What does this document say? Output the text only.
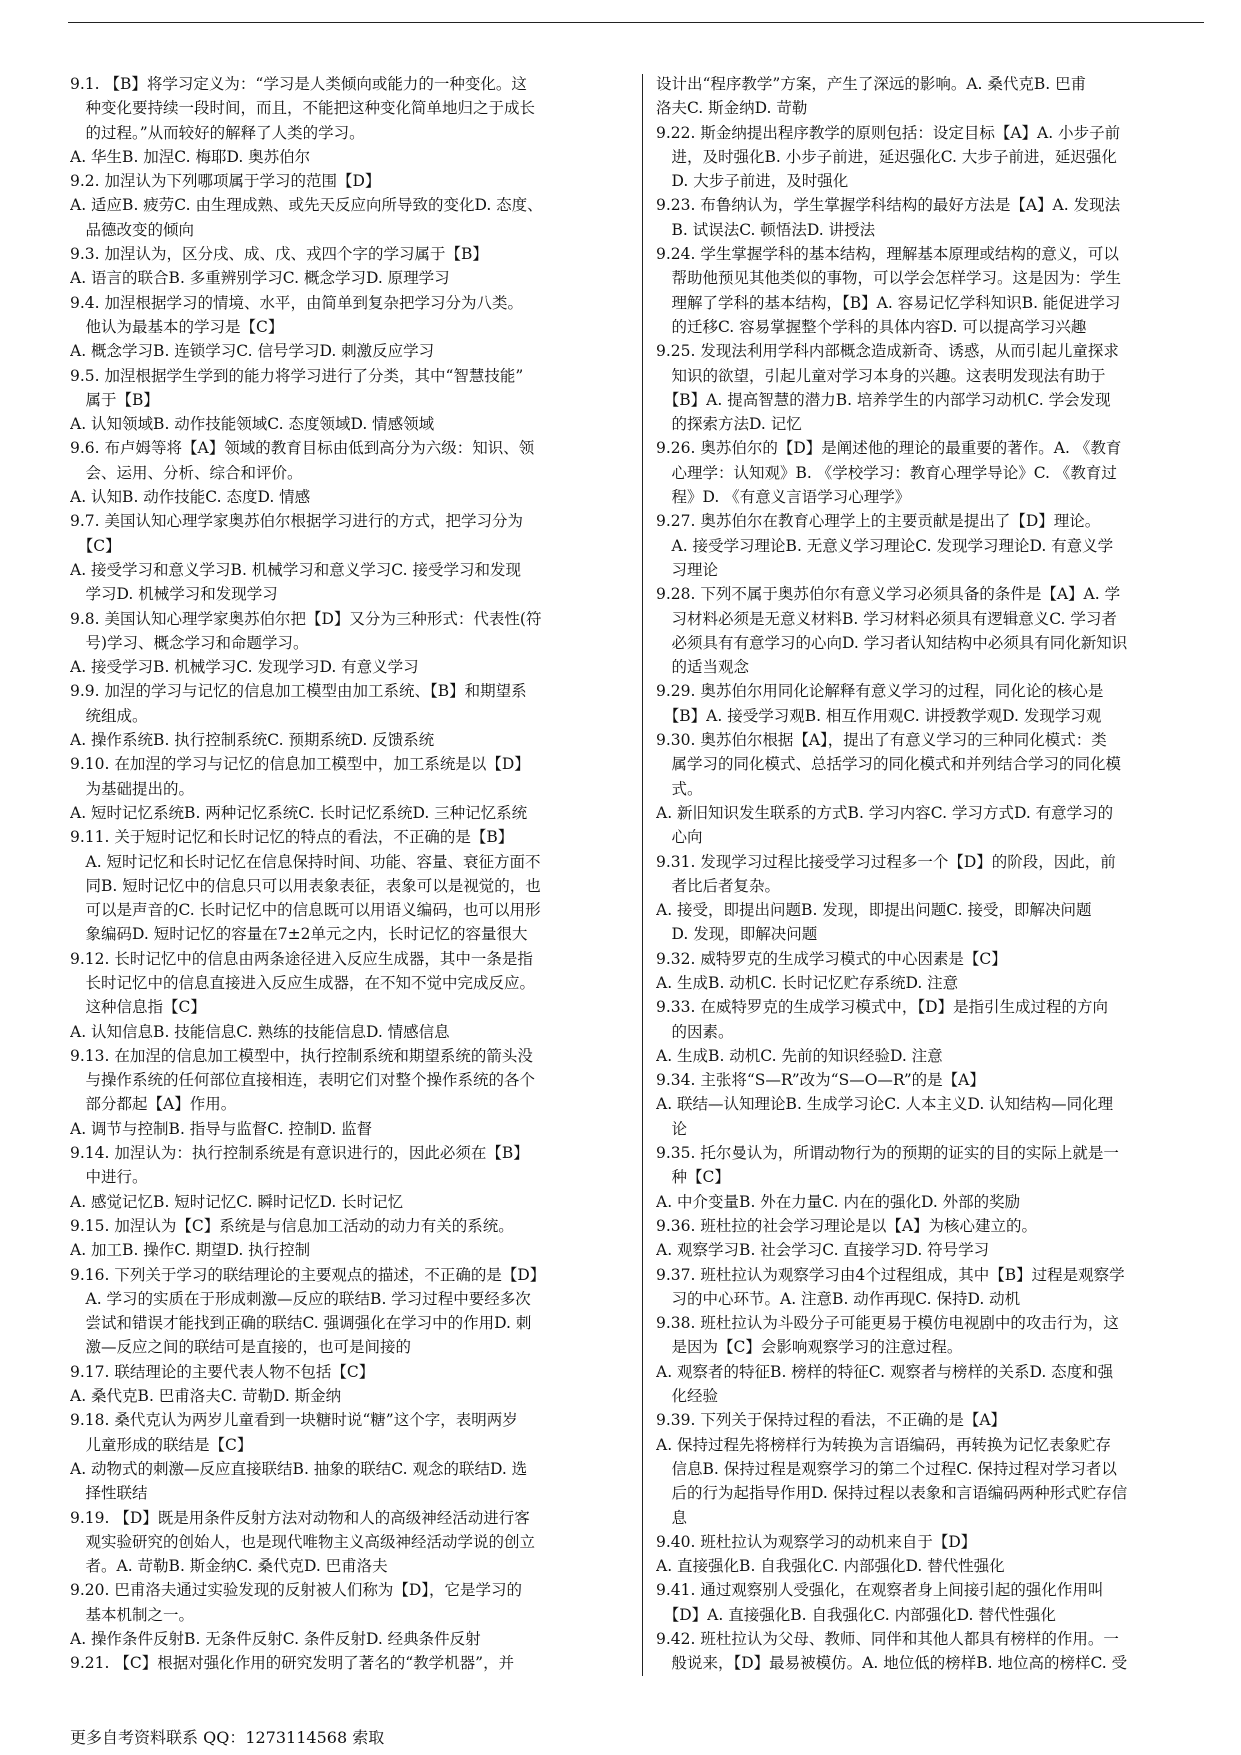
9.1. 【B】将学习定义为：“学习是人类倾向或能力的一种变化。这
　种变化要持续一段时间，而且，不能把这种变化简单地归之于成长
　的过程。”从而较好的解释了人类的学习。
A. 华生B. 加涅C. 梅耶D. 奥苏伯尔
9.2. 加涅认为下列哪项属于学习的范围【D】
A. 适应B. 疲劳C. 由生理成熟、或先天反应向所导致的变化D. 态度、
　品德改变的倾向
9.3. 加涅认为，区分戌、成、戊、戎四个字的学习属于【B】
A. 语言的联合B. 多重辨别学习C. 概念学习D. 原理学习
9.4. 加涅根据学习的情境、水平，由简单到复杂把学习分为八类。
　他认为最基本的学习是【C】
A. 概念学习B. 连锁学习C. 信号学习D. 刺激反应学习
9.5. 加涅根据学生学到的能力将学习进行了分类，其中“智慧技能”
　属于【B】
A. 认知领域B. 动作技能领域C. 态度领域D. 情感领域
9.6. 布卢姆等将【A】领域的教育目标由低到高分为六级：知识、领
　会、运用、分析、综合和评价。
A. 认知B. 动作技能C. 态度D. 情感
9.7. 美国认知心理学家奥苏伯尔根据学习进行的方式，把学习分为
　【C】
A. 接受学习和意义学习B. 机械学习和意义学习C. 接受学习和发现
　学习D. 机械学习和发现学习
9.8. 美国认知心理学家奥苏伯尔把【D】又分为三种形式：代表性(符
　号)学习、概念学习和命题学习。
A. 接受学习B. 机械学习C. 发现学习D. 有意义学习
9.9. 加涅的学习与记忆的信息加工模型由加工系统、【B】和期望系
　统组成。
A. 操作系统B. 执行控制系统C. 预期系统D. 反馈系统
9.10. 在加涅的学习与记忆的信息加工模型中，加工系统是以【D】
　为基础提出的。
A. 短时记忆系统B. 两种记忆系统C. 长时记忆系统D. 三种记忆系统
9.11. 关于短时记忆和长时记忆的特点的看法，不正确的是【B】
　A. 短时记忆和长时记忆在信息保持时间、功能、容量、衰征方面不
　同B. 短时记忆中的信息只可以用表象表征，表象可以是视觉的，也
　可以是声音的C. 长时记忆中的信息既可以用语义编码，也可以用形
　象编码D. 短时记忆的容量在7±2单元之内，长时记忆的容量很大
9.12. 长时记忆中的信息由两条途径进入反应生成器，其中一条是指
　长时记忆中的信息直接进入反应生成器，在不知不觉中完成反应。
　这种信息指【C】
A. 认知信息B. 技能信息C. 熟练的技能信息D. 情感信息
9.13. 在加涅的信息加工模型中，执行控制系统和期望系统的箭头没
　与操作系统的任何部位直接相连，表明它们对整个操作系统的各个
　部分都起【A】作用。
A. 调节与控制B. 指导与监督C. 控制D. 监督
9.14. 加涅认为：执行控制系统是有意识进行的，因此必须在【B】
　中进行。
A. 感觉记忆B. 短时记忆C. 瞬时记忆D. 长时记忆
9.15. 加涅认为【C】系统是与信息加工活动的动力有关的系统。
A. 加工B. 操作C. 期望D. 执行控制
9.16. 下列关于学习的联结理论的主要观点的描述，不正确的是【D】
　A. 学习的实质在于形成刺激—反应的联结B. 学习过程中要经多次
　尝试和错误才能找到正确的联结C. 强调强化在学习中的作用D. 刺
　激—反应之间的联结可是直接的，也可是间接的
9.17. 联结理论的主要代表人物不包括【C】
A. 桑代克B. 巴甫洛夫C. 苛勒D. 斯金纳
9.18. 桑代克认为两岁儿童看到一块糖时说“糖”这个字，表明两岁
　儿童形成的联结是【C】
A. 动物式的刺激—反应直接联结B. 抽象的联结C. 观念的联结D. 选
　择性联结
9.19. 【D】既是用条件反射方法对动物和人的高级神经活动进行客
　观实验研究的创始人，也是现代唯物主义高级神经活动学说的创立
　者。A. 苛勒B. 斯金纳C. 桑代克D. 巴甫洛夫
9.20. 巴甫洛夫通过实验发现的反射被人们称为【D】，它是学习的
　基本机制之一。
A. 操作条件反射B. 无条件反射C. 条件反射D. 经典条件反射
9.21. 【C】根据对强化作用的研究发明了著名的“教学机器”，并
设计出“程序教学”方案，产生了深远的影响。A. 桑代克B. 巴甫
洛夫C. 斯金纳D. 苛勒
9.22. 斯金纳提出程序教学的原则包括：设定目标【A】A. 小步子前
　进，及时强化B. 小步子前进，延迟强化C. 大步子前进，延迟强化
　D. 大步子前进，及时强化
9.23. 布鲁纳认为，学生掌握学科结构的最好方法是【A】A. 发现法
　B. 试误法C. 顿悟法D. 讲授法
9.24. 学生掌握学科的基本结构，理解基本原理或结构的意义，可以
　帮助他预见其他类似的事物，可以学会怎样学习。这是因为：学生
　理解了学科的基本结构，【B】A. 容易记忆学科知识B. 能促进学习
　的迁移C. 容易掌握整个学科的具体内容D. 可以提高学习兴趣
9.25. 发现法利用学科内部概念造成新奇、诱惑，从而引起儿童探求
　知识的欲望，引起儿童对学习本身的兴趣。这表明发现法有助于
　【B】A. 提高智慧的潜力B. 培养学生的内部学习动机C. 学会发现
　的探索方法D. 记忆
9.26. 奥苏伯尔的【D】是阐述他的理论的最重要的著作。A. 《教育
　心理学：认知观》B. 《学校学习：教育心理学导论》C. 《教育过
　程》D. 《有意义言语学习心理学》
9.27. 奥苏伯尔在教育心理学上的主要贡献是提出了【D】理论。
　A. 接受学习理论B. 无意义学习理论C. 发现学习理论D. 有意义学
　习理论
9.28. 下列不属于奥苏伯尔有意义学习必须具备的条件是【A】A. 学
　习材料必须是无意义材料B. 学习材料必须具有逻辑意义C. 学习者
　必须具有有意学习的心向D. 学习者认知结构中必须具有同化新知识
　的适当观念
9.29. 奥苏伯尔用同化论解释有意义学习的过程，同化论的核心是
　【B】A. 接受学习观B. 相互作用观C. 讲授教学观D. 发现学习观
9.30. 奥苏伯尔根据【A】，提出了有意义学习的三种同化模式：类
　属学习的同化模式、总括学习的同化模式和并列结合学习的同化模
　式。
A. 新旧知识发生联系的方式B. 学习内容C. 学习方式D. 有意学习的
　心向
9.31. 发现学习过程比接受学习过程多一个【D】的阶段，因此，前
　者比后者复杂。
A. 接受，即提出问题B. 发现，即提出问题C. 接受，即解决问题
　D. 发现，即解决问题
9.32. 威特罗克的生成学习模式的中心因素是【C】
A. 生成B. 动机C. 长时记忆贮存系统D. 注意
9.33. 在威特罗克的生成学习模式中，【D】是指引生成过程的方向
　的因素。
A. 生成B. 动机C. 先前的知识经验D. 注意
9.34. 主张将“S—R”改为“S—O—R”的是【A】
A. 联结—认知理论B. 生成学习论C. 人本主义D. 认知结构—同化理
　论
9.35. 托尔曼认为，所谓动物行为的预期的证实的目的实际上就是一
　种【C】
A. 中介变量B. 外在力量C. 内在的强化D. 外部的奖励
9.36. 班杜拉的社会学习理论是以【A】为核心建立的。
A. 观察学习B. 社会学习C. 直接学习D. 符号学习
9.37. 班杜拉认为观察学习由4个过程组成，其中【B】过程是观察学
　习的中心环节。A. 注意B. 动作再现C. 保持D. 动机
9.38. 班杜拉认为斗殴分子可能更易于模仿电视剧中的攻击行为，这
　是因为【C】会影响观察学习的注意过程。
A. 观察者的特征B. 榜样的特征C. 观察者与榜样的关系D. 态度和强
　化经验
9.39. 下列关于保持过程的看法，不正确的是【A】
A. 保持过程先将榜样行为转换为言语编码，再转换为记忆表象贮存
　信息B. 保持过程是观察学习的第二个过程C. 保持过程对学习者以
　后的行为起指导作用D. 保持过程以表象和言语编码两种形式贮存信
　息
9.40. 班杜拉认为观察学习的动机来自于【D】
A. 直接强化B. 自我强化C. 内部强化D. 替代性强化
9.41. 通过观察别人受强化，在观察者身上间接引起的强化作用叫
　【D】A. 直接强化B. 自我强化C. 内部强化D. 替代性强化
9.42. 班杜拉认为父母、教师、同伴和其他人都具有榜样的作用。一
　般说来，【D】最易被模仿。A. 地位低的榜样B. 地位高的榜样C. 受
更多自考资料联系 QQ：1273114568 索取
